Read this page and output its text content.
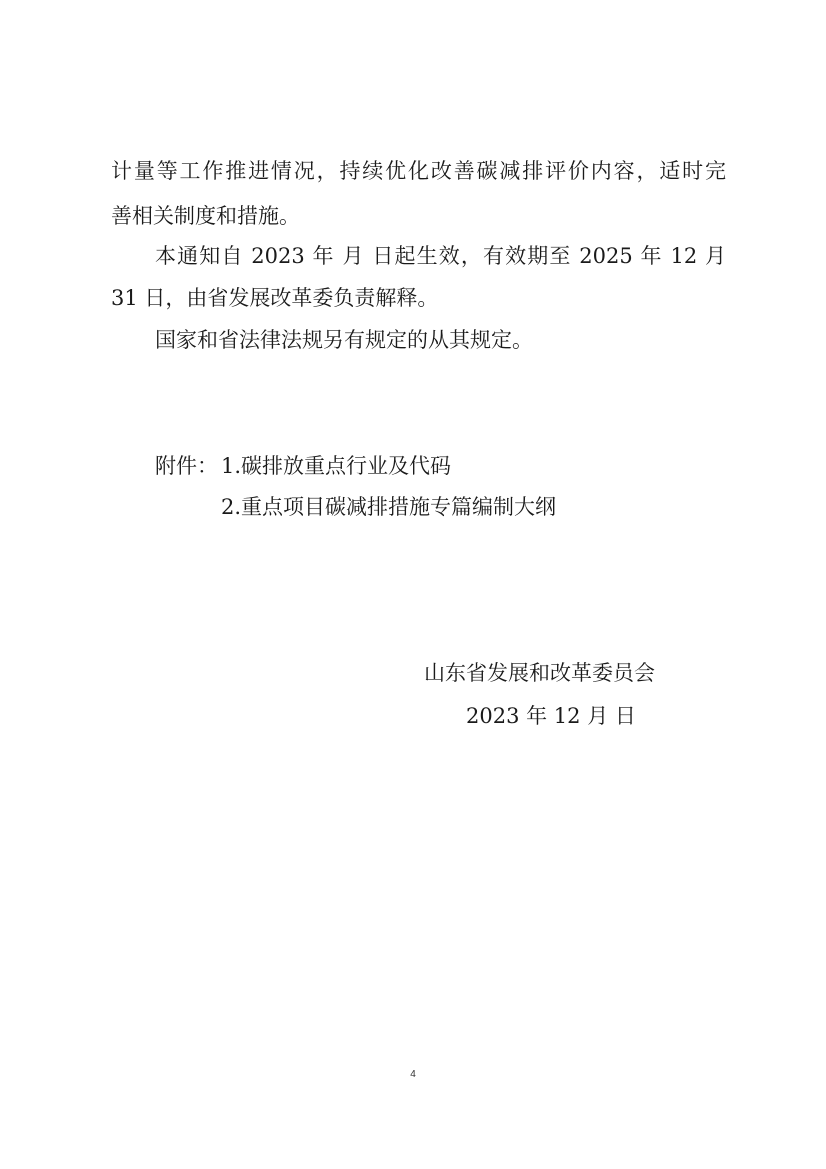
计量等工作推进情况，持续优化改善碳减排评价内容，适时完
善相关制度和措施。
本通知自 2023 年 月 日起生效，有效期至 2025 年 12 月
31 日，由省发展改革委负责解释。
国家和省法律法规另有规定的从其规定。
附件： 1.碳排放重点行业及代码
2.重点项目碳减排措施专篇编制大纲
山东省发展和改革委员会
2023 年 12 月 日
4
